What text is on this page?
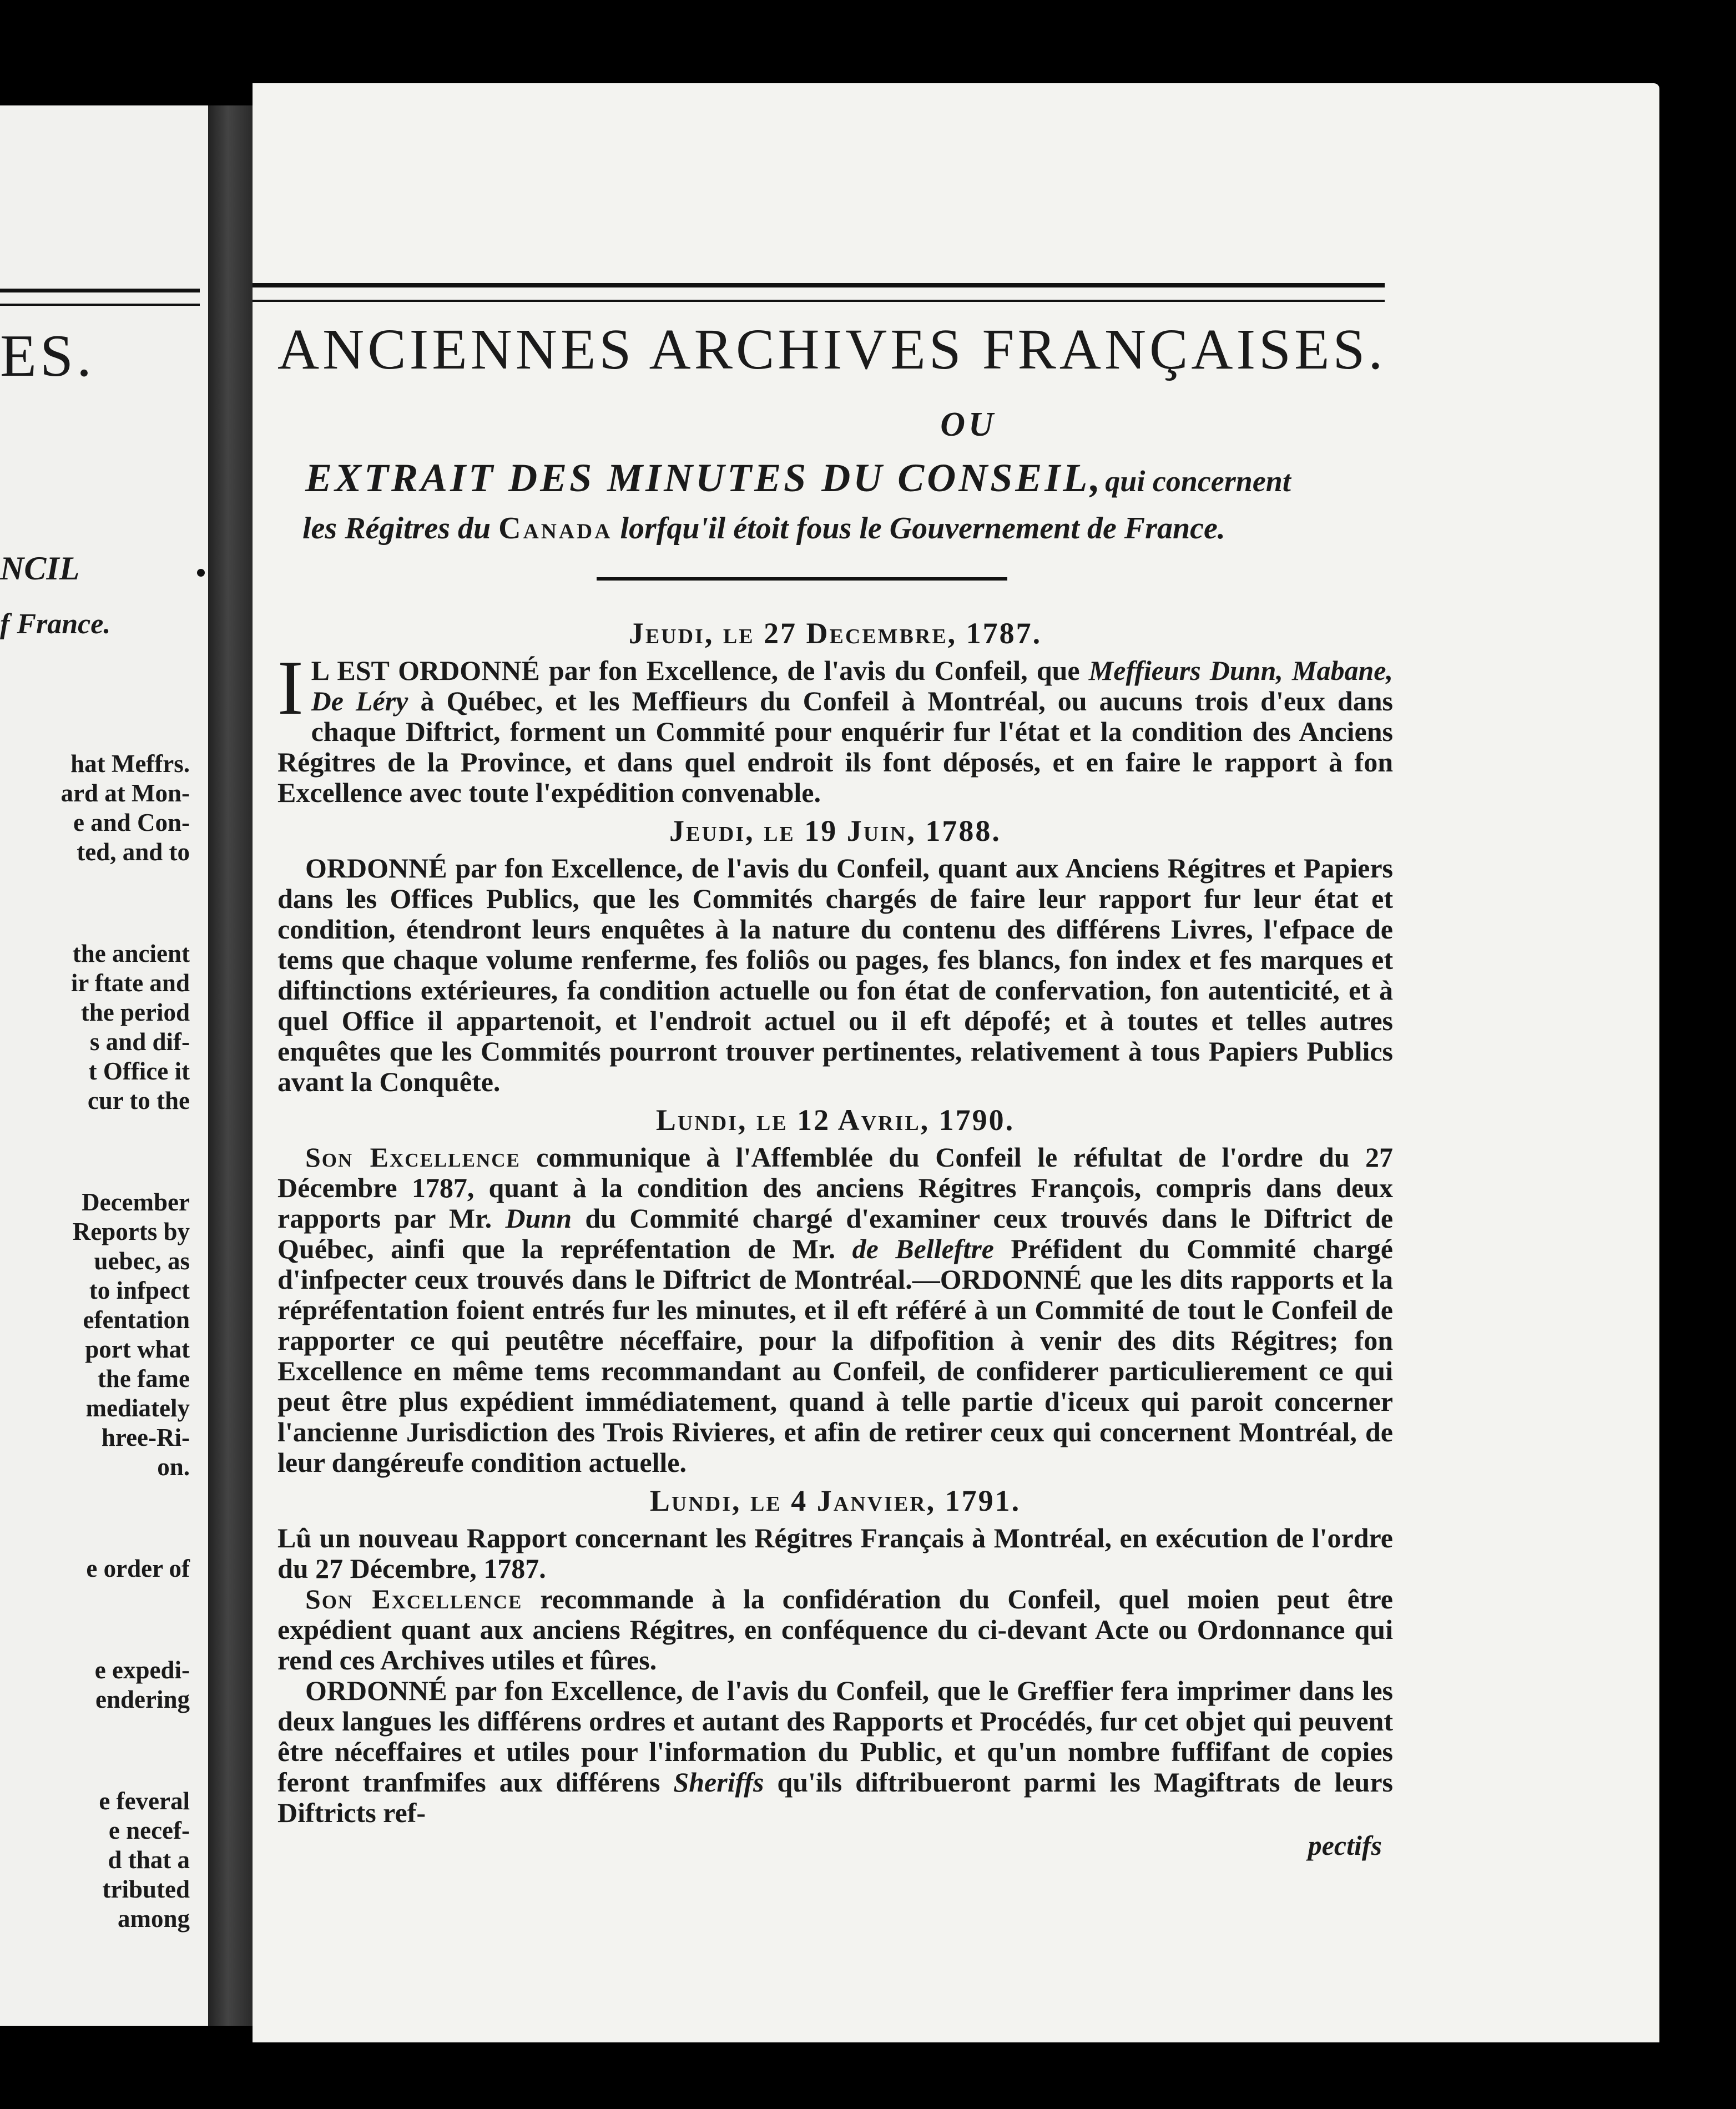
ES.
NCIL
f France.
hat Meffrs.
ard at Mon-
e and Con-
ted, and to
the ancient
ir ftate and
the period
s and dif-
t Office it
cur to the
December
Reports by
uebec, as
to infpect
efentation
port what
the fame
mediately
hree-Ri-
on.
e order of
e expedi-
endering
e feveral
e necef-
d that a
tributed
among
ANCIENNES ARCHIVES FRANÇAISES.
OU
EXTRAIT DES MINUTES DU CONSEIL, qui concernent
les Régitres du Canada lorfqu'il étoit fous le Gouvernement de France.
Jeudi, le 27 Decembre, 1787.

I L EST ORDONNÉ par fon Excellence, de l'avis du Confeil, que Meffieurs Dunn, Mabane, De Léry à Québec, et les Meffieurs du Confeil à Montréal, ou aucuns trois d'eux dans chaque Diftrict, forment un Commité pour enquérir fur l'état et la condition des Anciens Régitres de la Province, et dans quel endroit ils font déposés, et en faire le rapport à fon Excellence avec toute l'expédition convenable.

Jeudi, le 19 Juin, 1788.

ORDONNÉ par fon Excellence, de l'avis du Confeil, quant aux Anciens Régitres et Papiers dans les Offices Publics, que les Commités chargés de faire leur rapport fur leur état et condition, étendront leurs enquêtes à la nature du contenu des différens Livres, l'efpace de tems que chaque volume renferme, fes foliôs ou pages, fes blancs, fon index et fes marques et diftinctions extérieures, fa condition actuelle ou fon état de confervation, fon autenticité, et à quel Office il appartenoit, et l'endroit actuel ou il eft dépofé; et à toutes et telles autres enquêtes que les Commités pourront trouver pertinentes, relativement à tous Papiers Publics avant la Conquête.

Lundi, le 12 Avril, 1790.

Son Excellence communique à l'Affemblée du Confeil le réfultat de l'ordre du 27 Décembre 1787, quant à la condition des anciens Régitres François, compris dans deux rapports par Mr. Dunn du Commité chargé d'examiner ceux trouvés dans le Diftrict de Québec, ainfi que la repréfentation de Mr. de Belleftre Préfident du Commité chargé d'infpecter ceux trouvés dans le Diftrict de Montréal.—ORDONNÉ que les dits rapports et la répréfentation foient entrés fur les minutes, et il eft référé à un Commité de tout le Confeil de rapporter ce qui peutêtre néceffaire, pour la difpofition à venir des dits Régitres; fon Excellence en même tems recommandant au Confeil, de confiderer particulierement ce qui peut être plus expédient immédiatement, quand à telle partie d'iceux qui paroit concerner l'ancienne Jurisdiction des Trois Rivieres, et afin de retirer ceux qui concernent Montréal, de leur dangéreufe condition actuelle.

Lundi, le 4 Janvier, 1791.

Lû un nouveau Rapport concernant les Régitres Français à Montréal, en exécution de l'ordre du 27 Décembre, 1787.

Son Excellence recommande à la confidération du Confeil, quel moien peut être expédient quant aux anciens Régitres, en conféquence du ci-devant Acte ou Ordonnance qui rend ces Archives utiles et fûres.

ORDONNÉ par fon Excellence, de l'avis du Confeil, que le Greffier fera imprimer dans les deux langues les différens ordres et autant des Rapports et Procédés, fur cet objet qui peuvent être néceffaires et utiles pour l'information du Public, et qu'un nombre fuffifant de copies feront tranfmifes aux différens Sheriffs qu'ils diftribueront parmi les Magiftrats de leurs Diftricts ref-

pectifs
